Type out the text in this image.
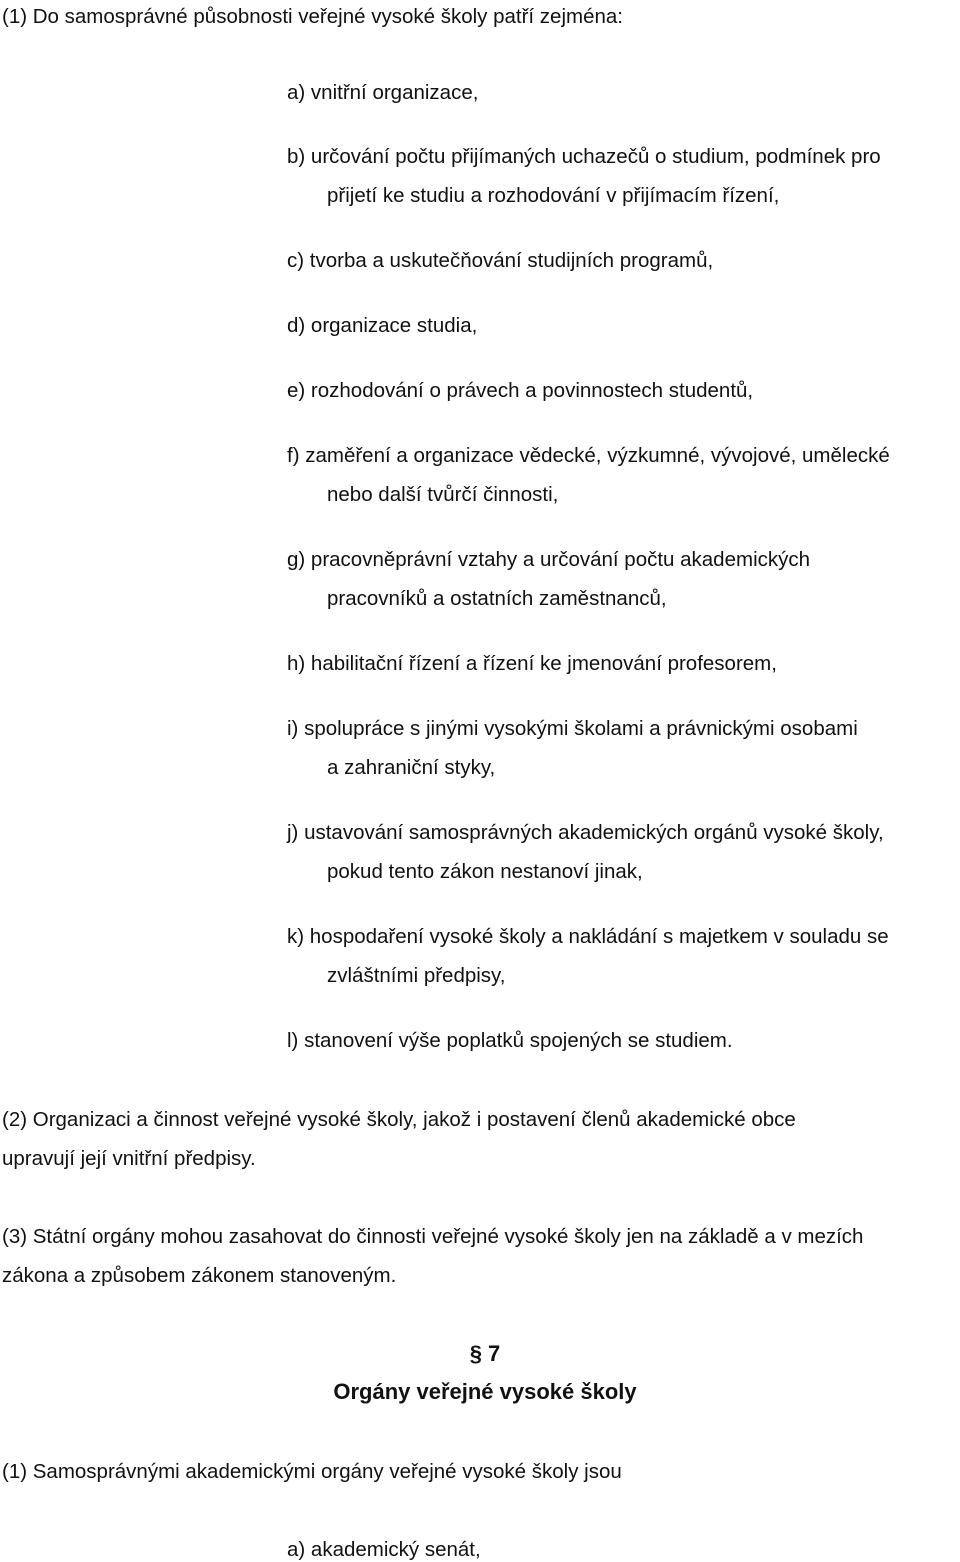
(1) Do samosprávné působnosti veřejné vysoké školy patří zejména:

a) vnitřní organizace,

b) určování počtu přijímaných uchazečů o studium, podmínek pro

přijetí ke studiu a rozhodování v přijímacím řízení,

c) tvorba a uskutečňování studijních programů,

d) organizace studia,

e) rozhodování o právech a povinnostech studentů,

f) zaměření a organizace vědecké, výzkumné, vývojové, umělecké

nebo další tvůrčí činnosti,

g) pracovněprávní vztahy a určování počtu akademických

pracovníků a ostatních zaměstnanců,

h) habilitační řízení a řízení ke jmenování profesorem,

i) spolupráce s jinými vysokými školami a právnickými osobami

a zahraniční styky,

j) ustavování samosprávných akademických orgánů vysoké školy,

pokud tento zákon nestanoví jinak,

k) hospodaření vysoké školy a nakládání s majetkem v souladu se

zvláštními předpisy,

l) stanovení výše poplatků spojených se studiem.

(2) Organizaci a činnost veřejné vysoké školy, jakož i postavení členů akademické obce

upravují její vnitřní předpisy.

(3) Státní orgány mohou zasahovat do činnosti veřejné vysoké školy jen na základě a v mezích

zákona a způsobem zákonem stanoveným.

§ 7

Orgány veřejné vysoké školy

(1) Samosprávnými akademickými orgány veřejné vysoké školy jsou

a) akademický senát,
